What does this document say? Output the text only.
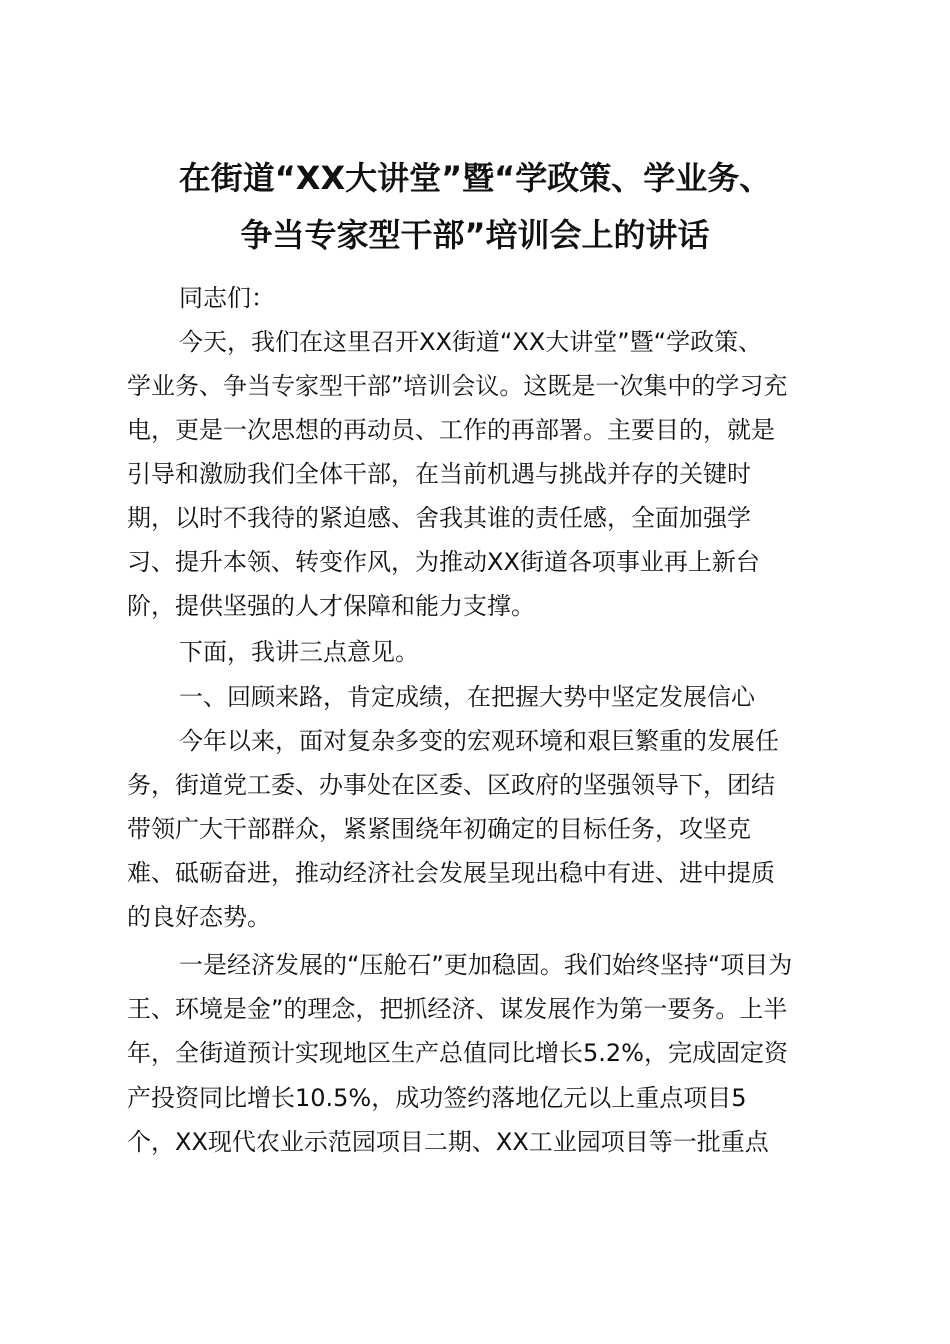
在街道“XX大讲堂”暨“学政策、学业务、
争当专家型干部”培训会上的讲话
同志们：
今天，我们在这里召开XX街道“XX大讲堂”暨“学政策、
学业务、争当专家型干部”培训会议。这既是一次集中的学习充
电，更是一次思想的再动员、工作的再部署。主要目的，就是
引导和激励我们全体干部，在当前机遇与挑战并存的关键时
期，以时不我待的紧迫感、舍我其谁的责任感，全面加强学
习、提升本领、转变作风，为推动XX街道各项事业再上新台
阶，提供坚强的人才保障和能力支撑。
下面，我讲三点意见。
一、回顾来路，肯定成绩，在把握大势中坚定发展信心
今年以来，面对复杂多变的宏观环境和艰巨繁重的发展任
务，街道党工委、办事处在区委、区政府的坚强领导下，团结
带领广大干部群众，紧紧围绕年初确定的目标任务，攻坚克
难、砥砺奋进，推动经济社会发展呈现出稳中有进、进中提质
的良好态势。
一是经济发展的“压舱石”更加稳固。我们始终坚持“项目为
王、环境是金”的理念，把抓经济、谋发展作为第一要务。上半
年，全街道预计实现地区生产总值同比增长5.2%，完成固定资
产投资同比增长10.5%，成功签约落地亿元以上重点项目5
个，XX现代农业示范园项目二期、XX工业园项目等一批重点
